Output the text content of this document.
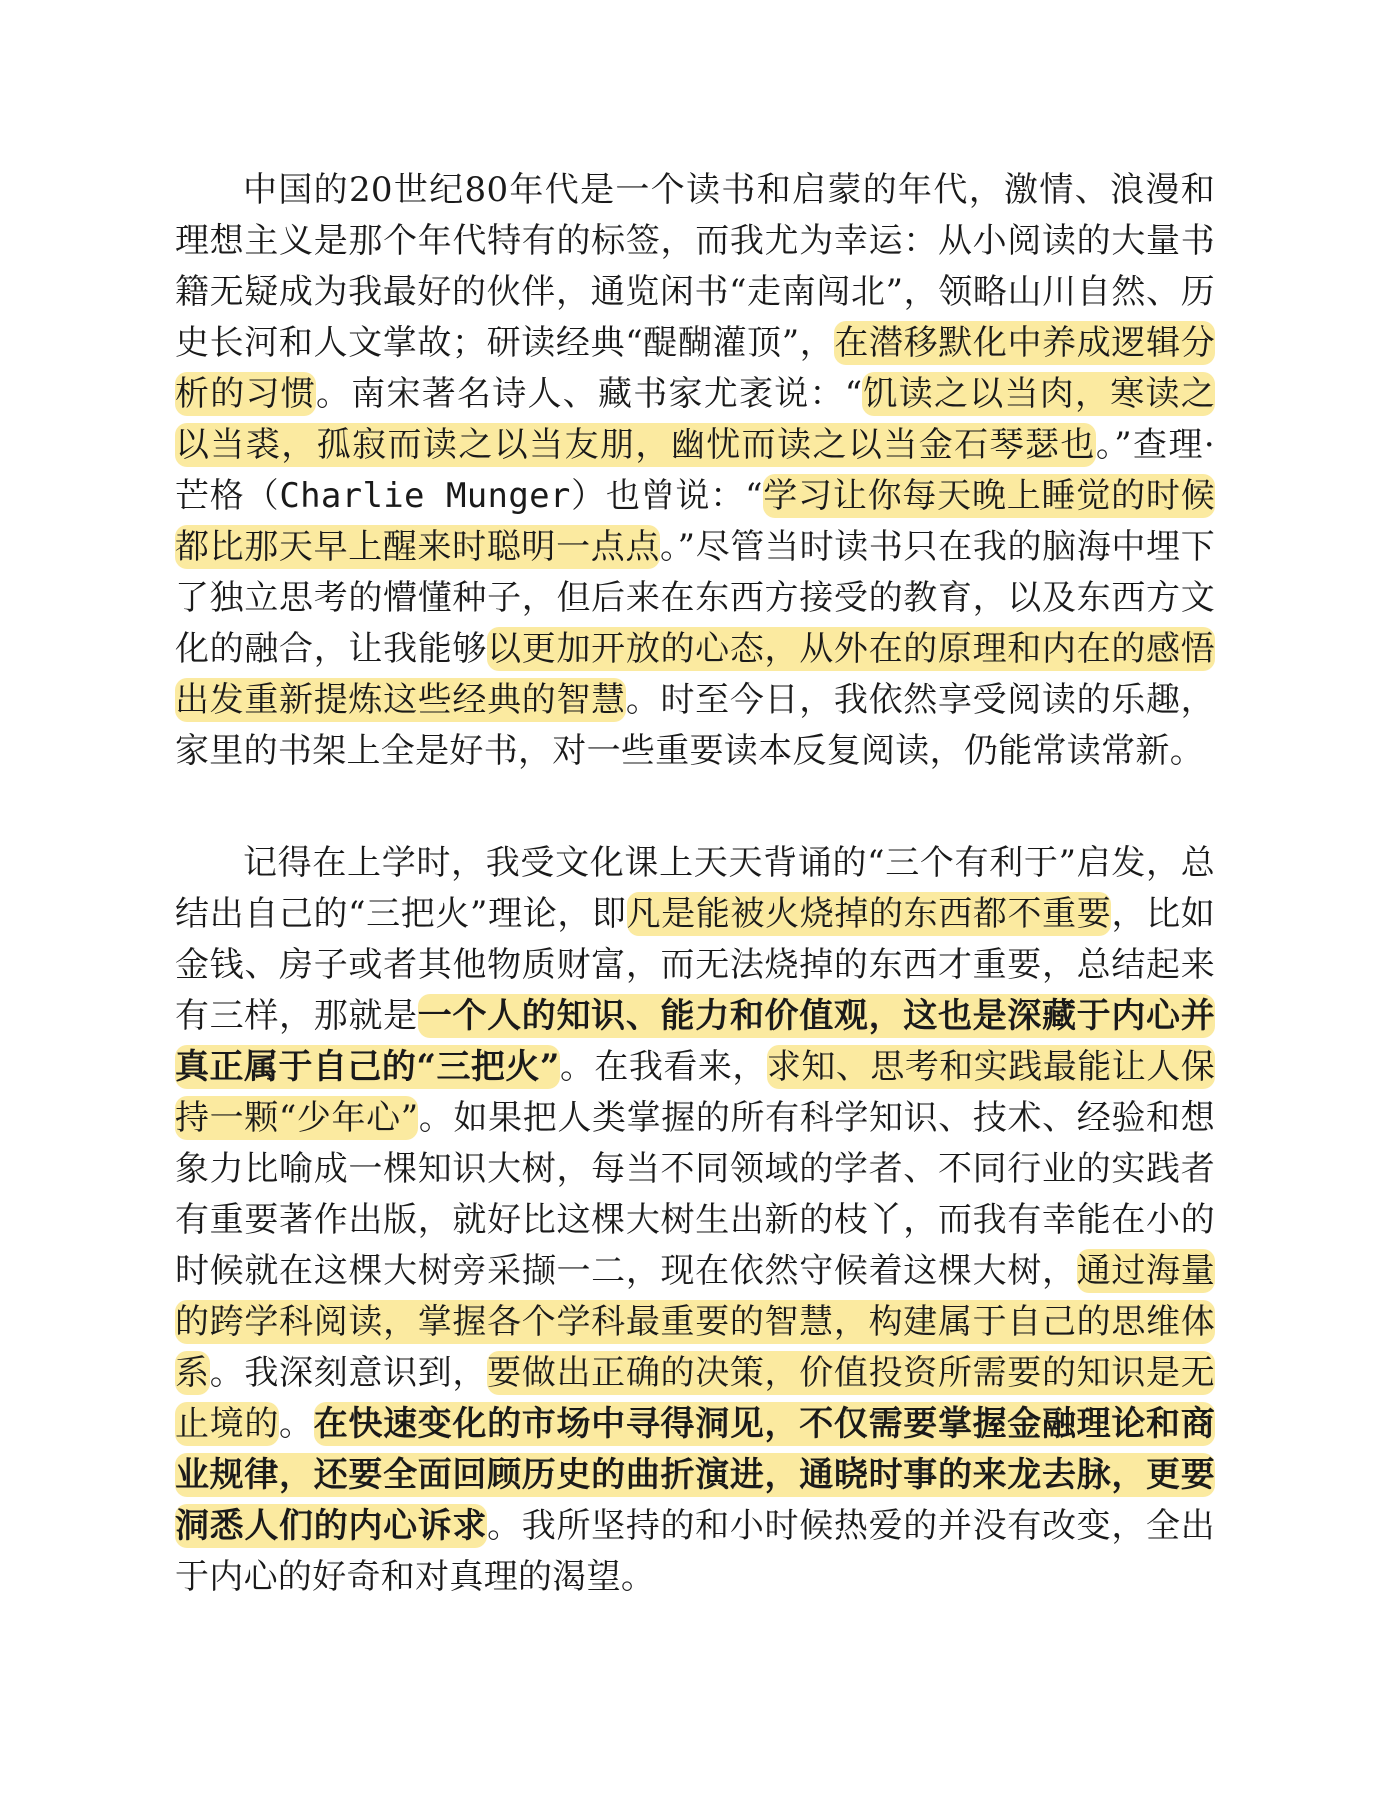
中国的20世纪80年代是一个读书和启蒙的年代，激情、浪漫和理想主义是那个年代特有的标签，而我尤为幸运：从小阅读的大量书籍无疑成为我最好的伙伴，通览闲书“走南闯北”，领略山川自然、历史长河和人文掌故；研读经典“醍醐灌顶”，在潜移默化中养成逻辑分析的习惯。南宋著名诗人、藏书家尤袤说：“饥读之以当肉，寒读之以当裘，孤寂而读之以当友朋，幽忧而读之以当金石琴瑟也。”查理·芒格（Charlie Munger）也曾说：“学习让你每天晚上睡觉的时候都比那天早上醒来时聪明一点点。”尽管当时读书只在我的脑海中埋下了独立思考的懵懂种子，但后来在东西方接受的教育，以及东西方文化的融合，让我能够以更加开放的心态，从外在的原理和内在的感悟出发重新提炼这些经典的智慧。时至今日，我依然享受阅读的乐趣，家里的书架上全是好书，对一些重要读本反复阅读，仍能常读常新。

记得在上学时，我受文化课上天天背诵的“三个有利于”启发，总结出自己的“三把火”理论，即凡是能被火烧掉的东西都不重要，比如金钱、房子或者其他物质财富，而无法烧掉的东西才重要，总结起来有三样，那就是一个人的知识、能力和价值观，这也是深藏于内心并真正属于自己的“三把火”。在我看来，求知、思考和实践最能让人保持一颗“少年心”。如果把人类掌握的所有科学知识、技术、经验和想象力比喻成一棵知识大树，每当不同领域的学者、不同行业的实践者有重要著作出版，就好比这棵大树生出新的枝丫，而我有幸能在小的时候就在这棵大树旁采撷一二，现在依然守候着这棵大树，通过海量的跨学科阅读，掌握各个学科最重要的智慧，构建属于自己的思维体系。我深刻意识到，要做出正确的决策，价值投资所需要的知识是无止境的。在快速变化的市场中寻得洞见，不仅需要掌握金融理论和商业规律，还要全面回顾历史的曲折演进，通晓时事的来龙去脉，更要洞悉人们的内心诉求。我所坚持的和小时候热爱的并没有改变，全出于内心的好奇和对真理的渴望。
